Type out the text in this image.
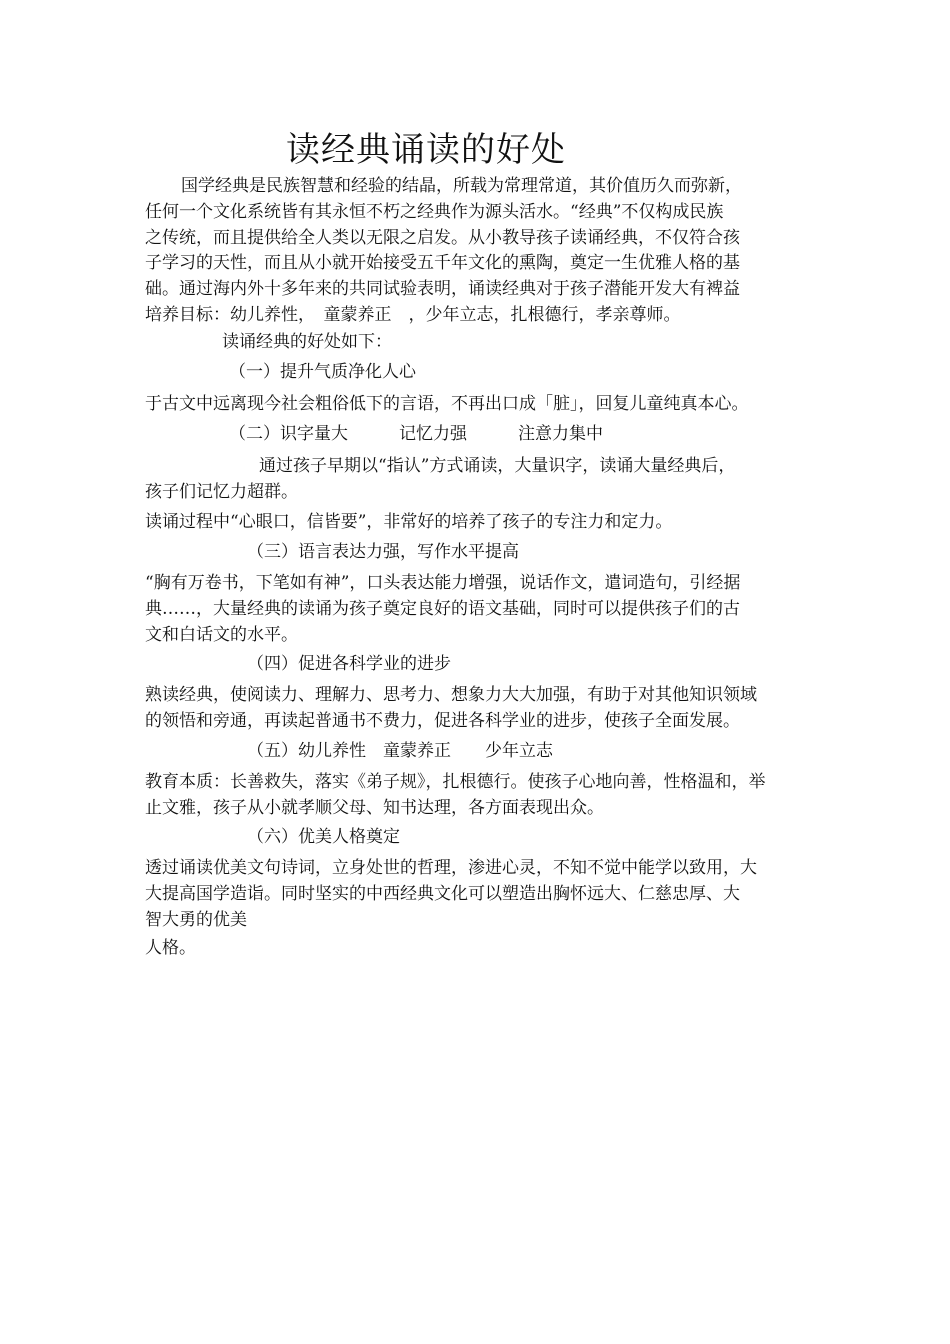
读经典诵读的好处
国学经典是民族智慧和经验的结晶，所载为常理常道，其价值历久而弥新，
任何一个文化系统皆有其永恒不朽之经典作为源头活水。“经典”不仅构成民族
之传统，而且提供给全人类以无限之启发。从小教导孩子读诵经典，不仅符合孩
子学习的天性，而且从小就开始接受五千年文化的熏陶，奠定一生优雅人格的基
础。通过海内外十多年来的共同试验表明，诵读经典对于孩子潜能开发大有裨益
培养目标：幼儿养性，　童蒙养正　，少年立志，扎根德行，孝亲尊师。
读诵经典的好处如下：
（一）提升气质净化人心
于古文中远离现今社会粗俗低下的言语，不再出口成「脏」，回复儿童纯真本心。
（二）识字量大　　　记忆力强　　　注意力集中
通过孩子早期以“指认”方式诵读，大量识字，读诵大量经典后，
孩子们记忆力超群。
读诵过程中“心眼口，信皆要”，非常好的培养了孩子的专注力和定力。
（三）语言表达力强，写作水平提高
“胸有万卷书，下笔如有神”，口头表达能力增强，说话作文，遣词造句，引经据
典……，大量经典的读诵为孩子奠定良好的语文基础，同时可以提供孩子们的古
文和白话文的水平。
（四）促进各科学业的进步
熟读经典，使阅读力、理解力、思考力、想象力大大加强，有助于对其他知识领域
的领悟和旁通，再读起普通书不费力，促进各科学业的进步，使孩子全面发展。
（五）幼儿养性　童蒙养正　　少年立志
教育本质：长善救失，落实《弟子规》，扎根德行。使孩子心地向善，性格温和，举
止文雅，孩子从小就孝顺父母、知书达理，各方面表现出众。
（六）优美人格奠定
透过诵读优美文句诗词，立身处世的哲理，渗进心灵，不知不觉中能学以致用，大
大提高国学造诣。同时坚实的中西经典文化可以塑造出胸怀远大、仁慈忠厚、大
智大勇的优美
人格。
